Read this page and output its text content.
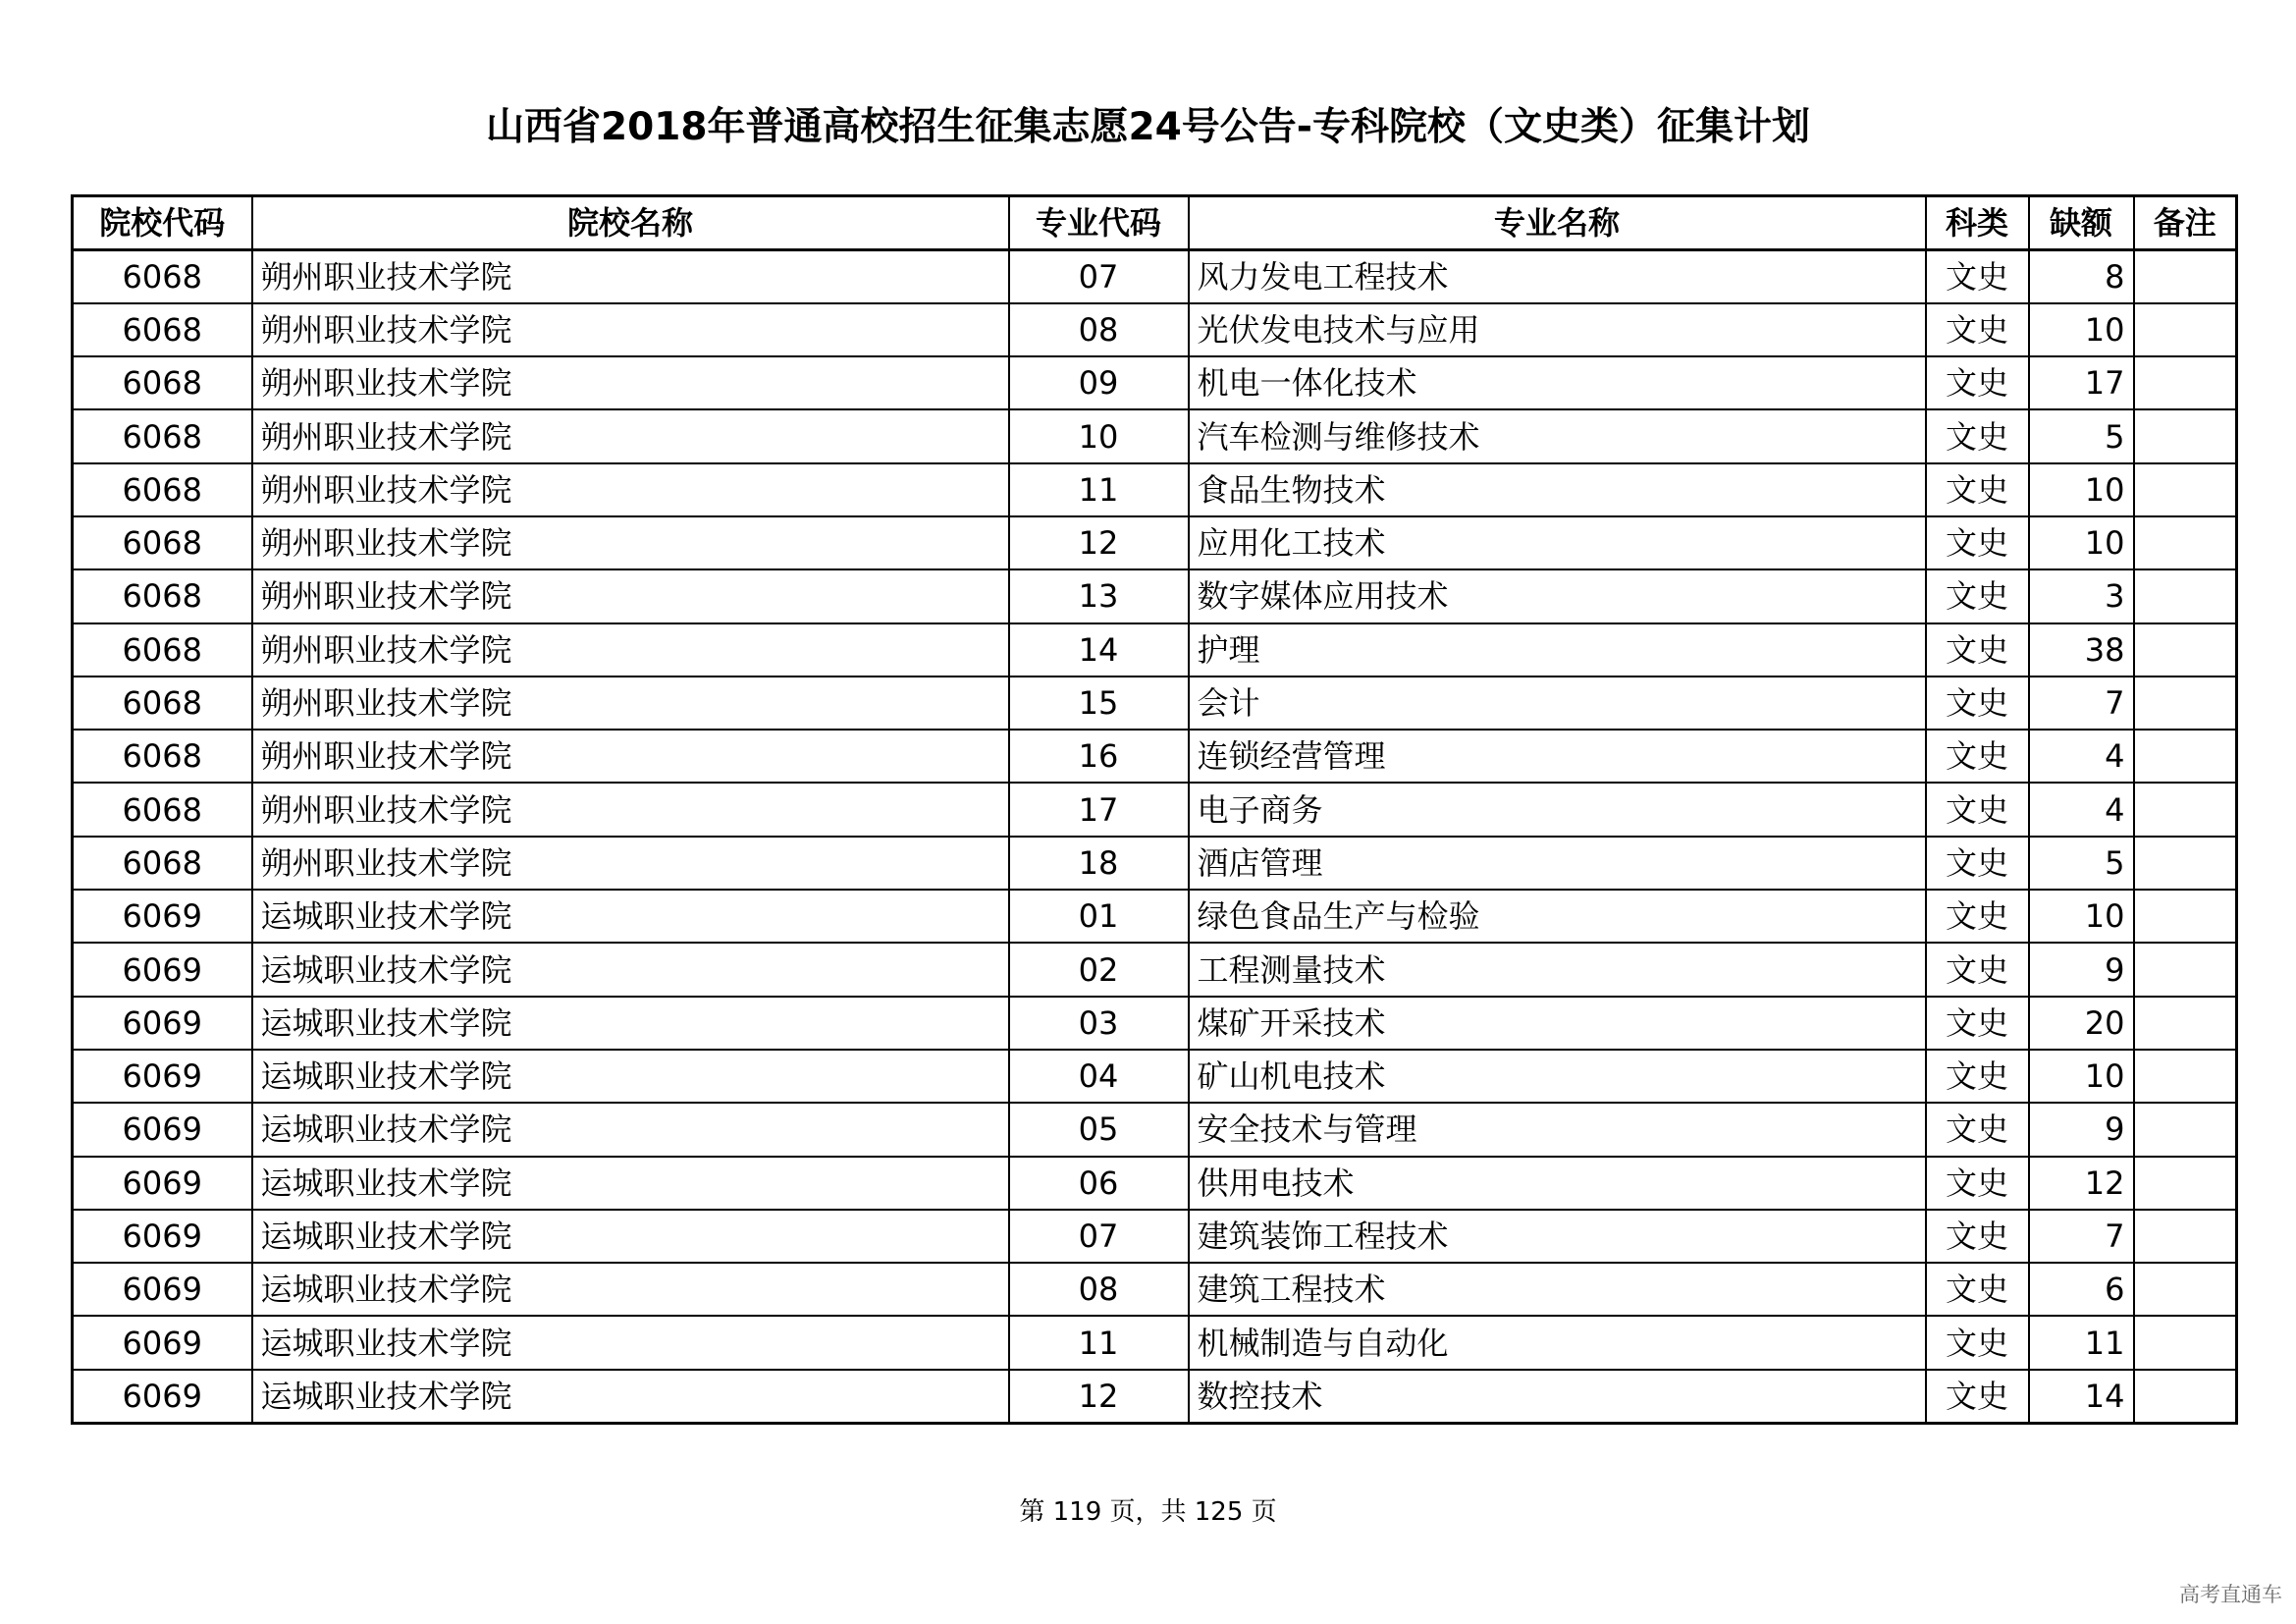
山西省2018年普通高校招生征集志愿24号公告-专科院校（文史类）征集计划
院校代码	院校名称	专业代码	专业名称	科类	缺额	备注
6068	朔州职业技术学院	07	风力发电工程技术	文史	8	
6068	朔州职业技术学院	08	光伏发电技术与应用	文史	10	
6068	朔州职业技术学院	09	机电一体化技术	文史	17	
6068	朔州职业技术学院	10	汽车检测与维修技术	文史	5	
6068	朔州职业技术学院	11	食品生物技术	文史	10	
6068	朔州职业技术学院	12	应用化工技术	文史	10	
6068	朔州职业技术学院	13	数字媒体应用技术	文史	3	
6068	朔州职业技术学院	14	护理	文史	38	
6068	朔州职业技术学院	15	会计	文史	7	
6068	朔州职业技术学院	16	连锁经营管理	文史	4	
6068	朔州职业技术学院	17	电子商务	文史	4	
6068	朔州职业技术学院	18	酒店管理	文史	5	
6069	运城职业技术学院	01	绿色食品生产与检验	文史	10	
6069	运城职业技术学院	02	工程测量技术	文史	9	
6069	运城职业技术学院	03	煤矿开采技术	文史	20	
6069	运城职业技术学院	04	矿山机电技术	文史	10	
6069	运城职业技术学院	05	安全技术与管理	文史	9	
6069	运城职业技术学院	06	供用电技术	文史	12	
6069	运城职业技术学院	07	建筑装饰工程技术	文史	7	
6069	运城职业技术学院	08	建筑工程技术	文史	6	
6069	运城职业技术学院	11	机械制造与自动化	文史	11	
6069	运城职业技术学院	12	数控技术	文史	14	
第 119 页，共 125 页
高考直通车
